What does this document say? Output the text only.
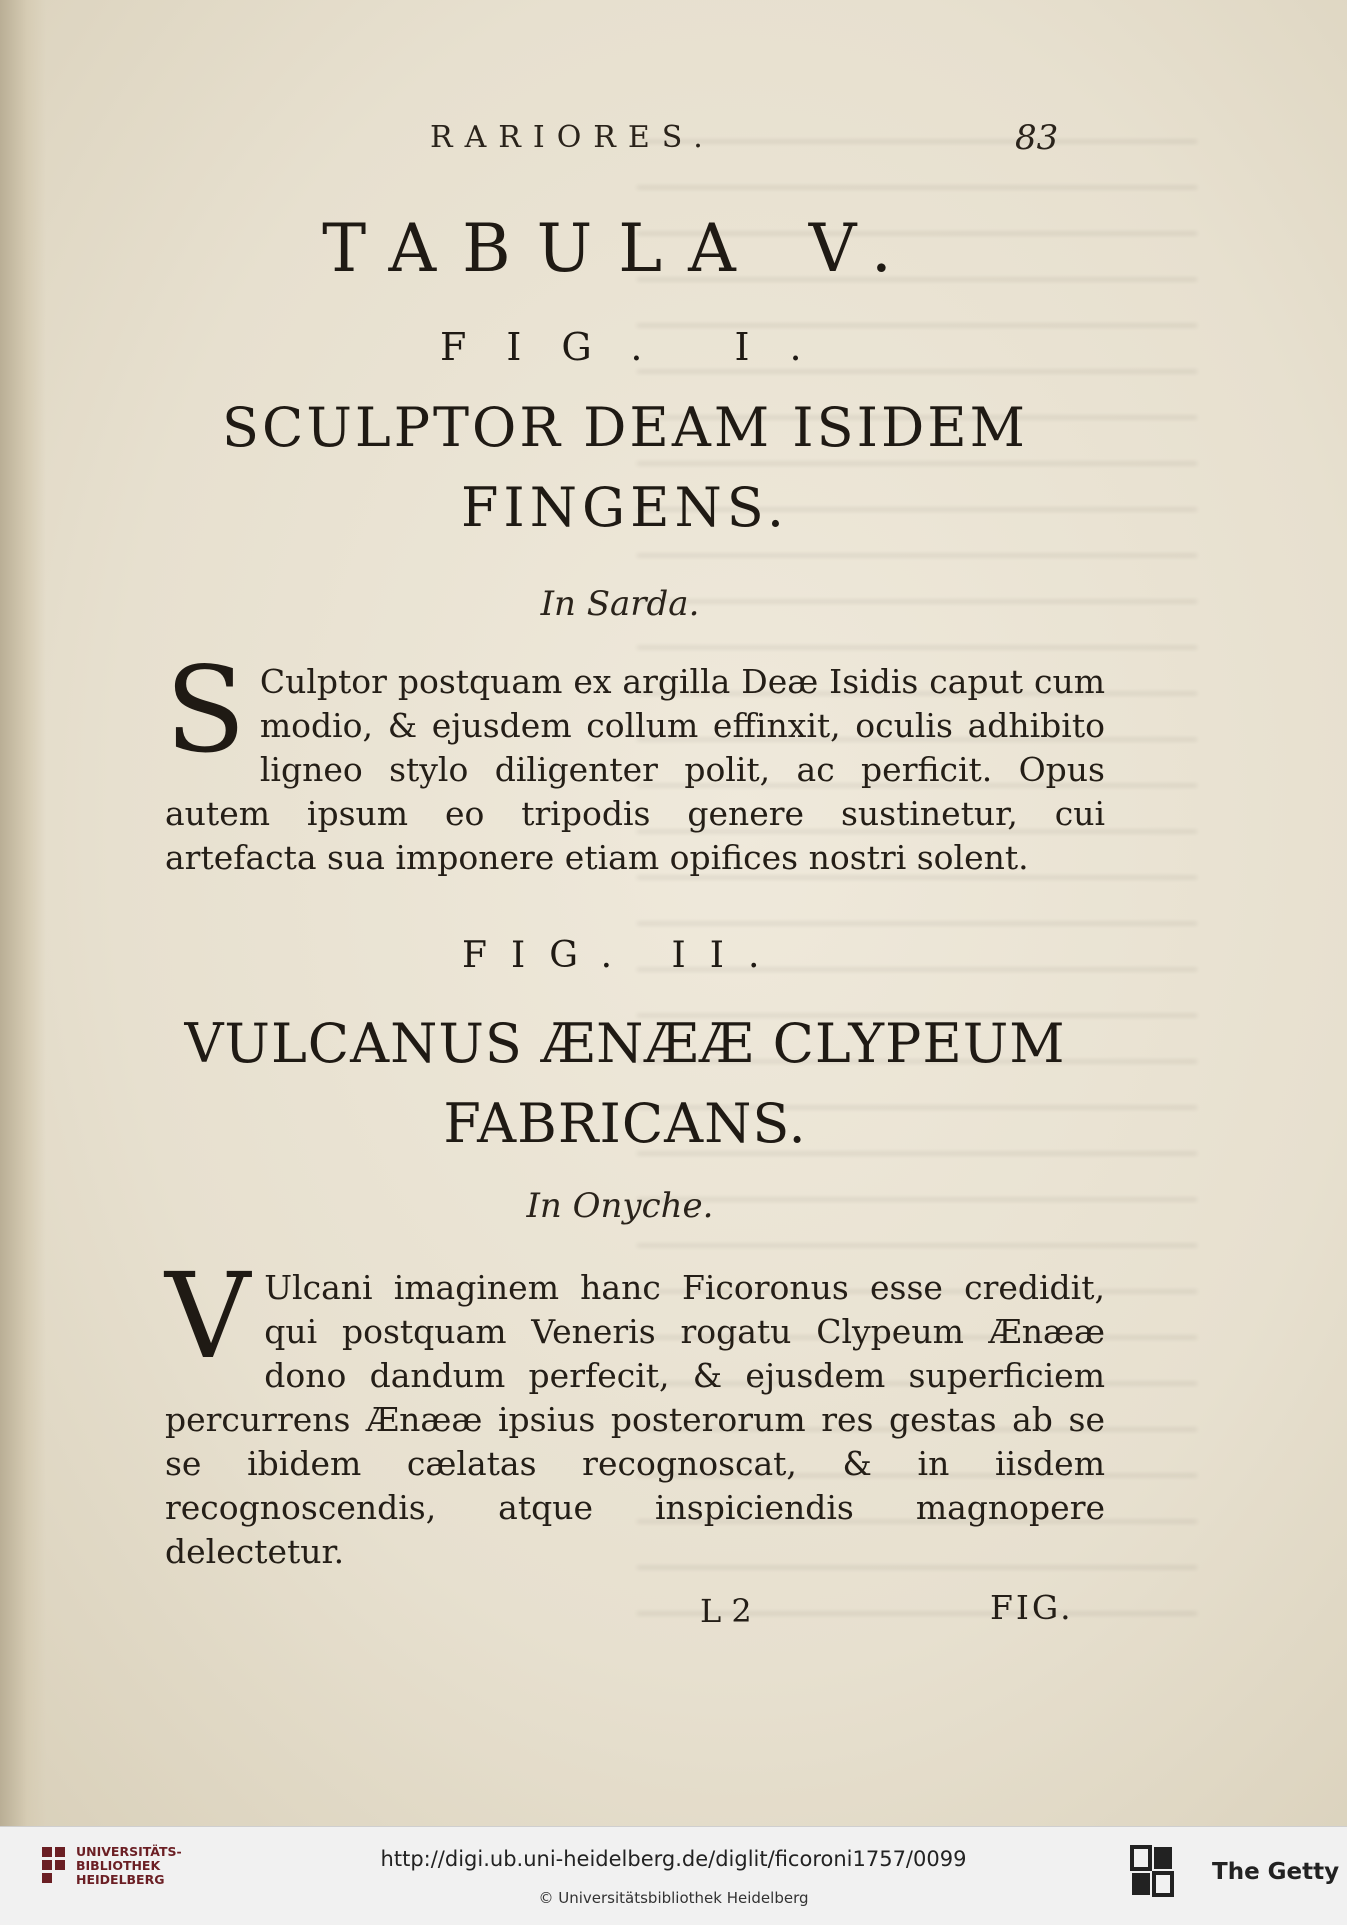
RARIORES.	83
TABULA V.
FIG. I.
SCULPTOR DEAM ISIDEM
FINGENS.
In Sarda.
S Culptor postquam ex argilla Deæ Isidis caput cum modio, & ejusdem collum effinxit, oculis adhibito ligneo stylo diligenter polit, ac perficit. Opus autem ipsum eo tripodis genere sustinetur, cui artefacta sua imponere etiam opifices nostri solent.
FIG. II.
VULCANUS ÆNÆÆ CLYPEUM
FABRICANS.
In Onyche.
V Ulcani imaginem hanc Ficoronus esse credidit, qui postquam Veneris rogatu Clypeum Ænææ dono dandum perfecit, & ejusdem superficiem percurrens Ænææ ipsius posterorum res gestas ab se se ibidem cælatas recognoscat, & in iisdem recognoscendis, atque inspiciendis magnopere delectetur.
L 2	FIG.
UNIVERSITÄTS-
BIBLIOTHEK
HEIDELBERG
http://digi.ub.uni-heidelberg.de/diglit/ficoroni1757/0099
© Universitätsbibliothek Heidelberg
The Getty
